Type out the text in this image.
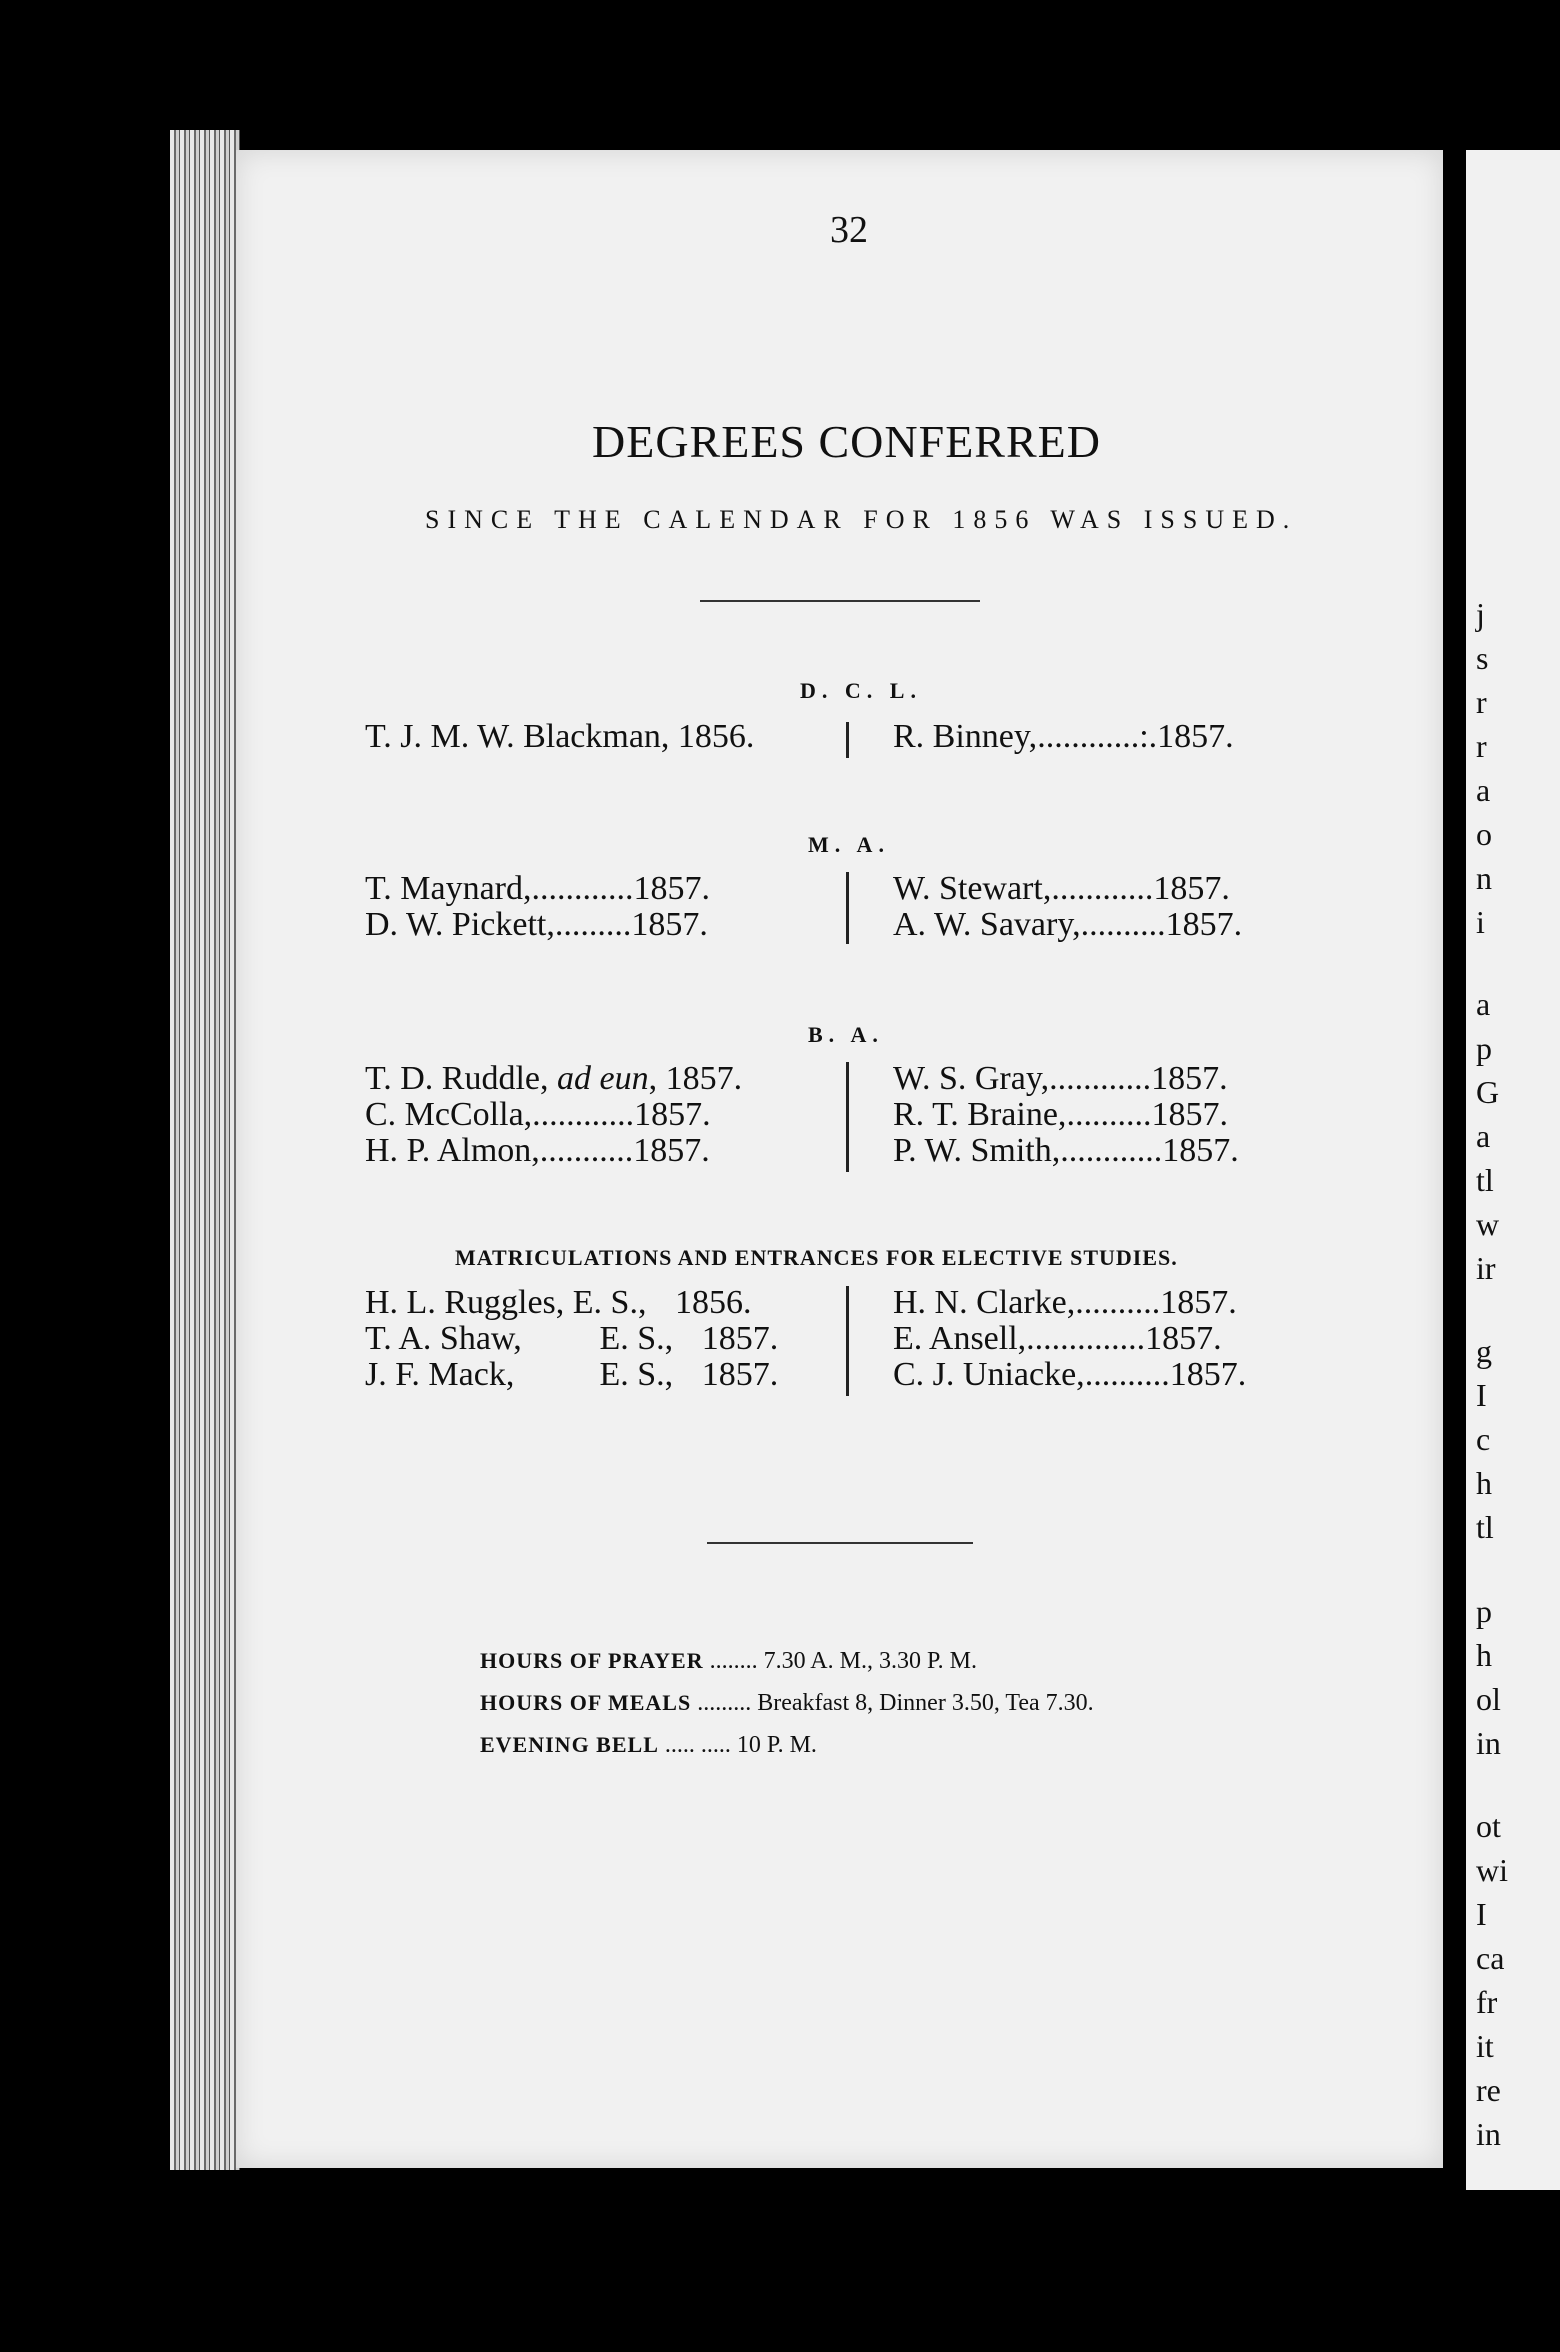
32
DEGREES CONFERRED
SINCE THE CALENDAR FOR 1856 WAS ISSUED.
D. C. L.
T. J. M. W. Blackman, 1856.	R. Binney,............:.1857.
M. A.
T. Maynard,............1857.
D. W. Pickett,.........1857.
W. Stewart,............1857.
A. W. Savary,..........1857.
B. A.
T. D. Ruddle, ad eun, 1857.
C. McColla,............1857.
H. P. Almon,...........1857.
W. S. Gray,............1857.
R. T. Braine,..........1857.
P. W. Smith,............1857.
MATRICULATIONS AND ENTRANCES FOR ELECTIVE STUDIES.
H. L. Ruggles, E. S., 1856.
T. A. Shaw, E. S., 1857.
J. F. Mack,	E. S., 1857.
H. N. Clarke,..........1857.
E. Ansell,..............1857.
C. J. Uniacke,..........1857.
HOURS OF PRAYER ........ 7.30 A. M., 3.30 P. M.
HOURS OF MEALS ......... Breakfast 8, Dinner 3.50, Tea 7.30.
EVENING BELL ..... ..... 10 P. M.
j
s
r
r
a
o
n
i
a
p
G
a
tl
w
ir
g
I
c
h
tl
p
h
ol
in
ot
wi
I
ca
fr
it
re
in
